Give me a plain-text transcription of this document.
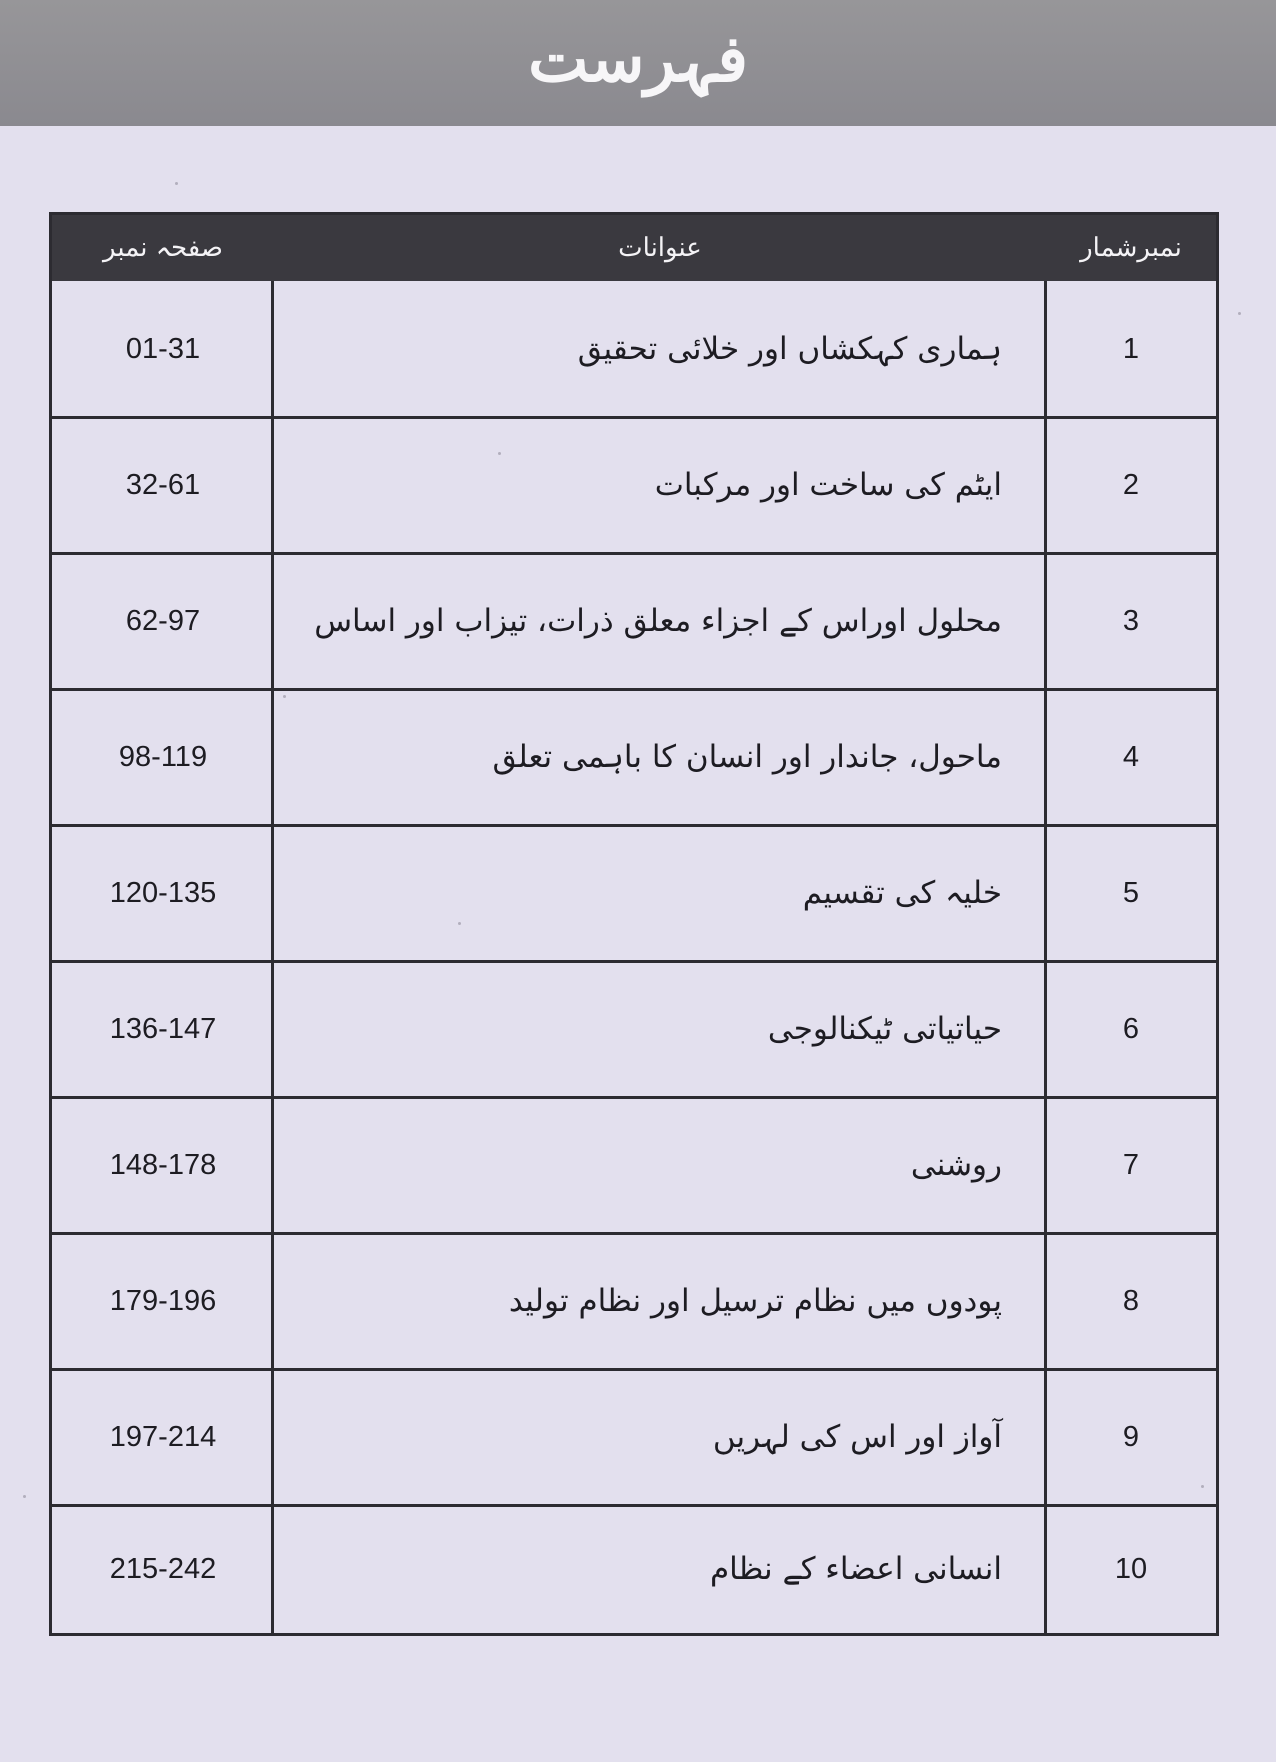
فہرست
صفحہ نمبر	عنوانات	نمبرشمار
01-31	ہماری کہکشاں اور خلائی تحقیق	1
32-61	ایٹم کی ساخت اور مرکبات	2
62-97	محلول اوراس کے اجزاء معلق ذرات، تیزاب اور اساس	3
98-119	ماحول، جاندار اور انسان کا باہمی تعلق	4
120-135	خلیہ کی تقسیم	5
136-147	حیاتیاتی ٹیکنالوجی	6
148-178	روشنی	7
179-196	پودوں میں نظام ترسیل اور نظام تولید	8
197-214	آواز اور اس کی لہریں	9
215-242	انسانی اعضاء کے نظام	10
